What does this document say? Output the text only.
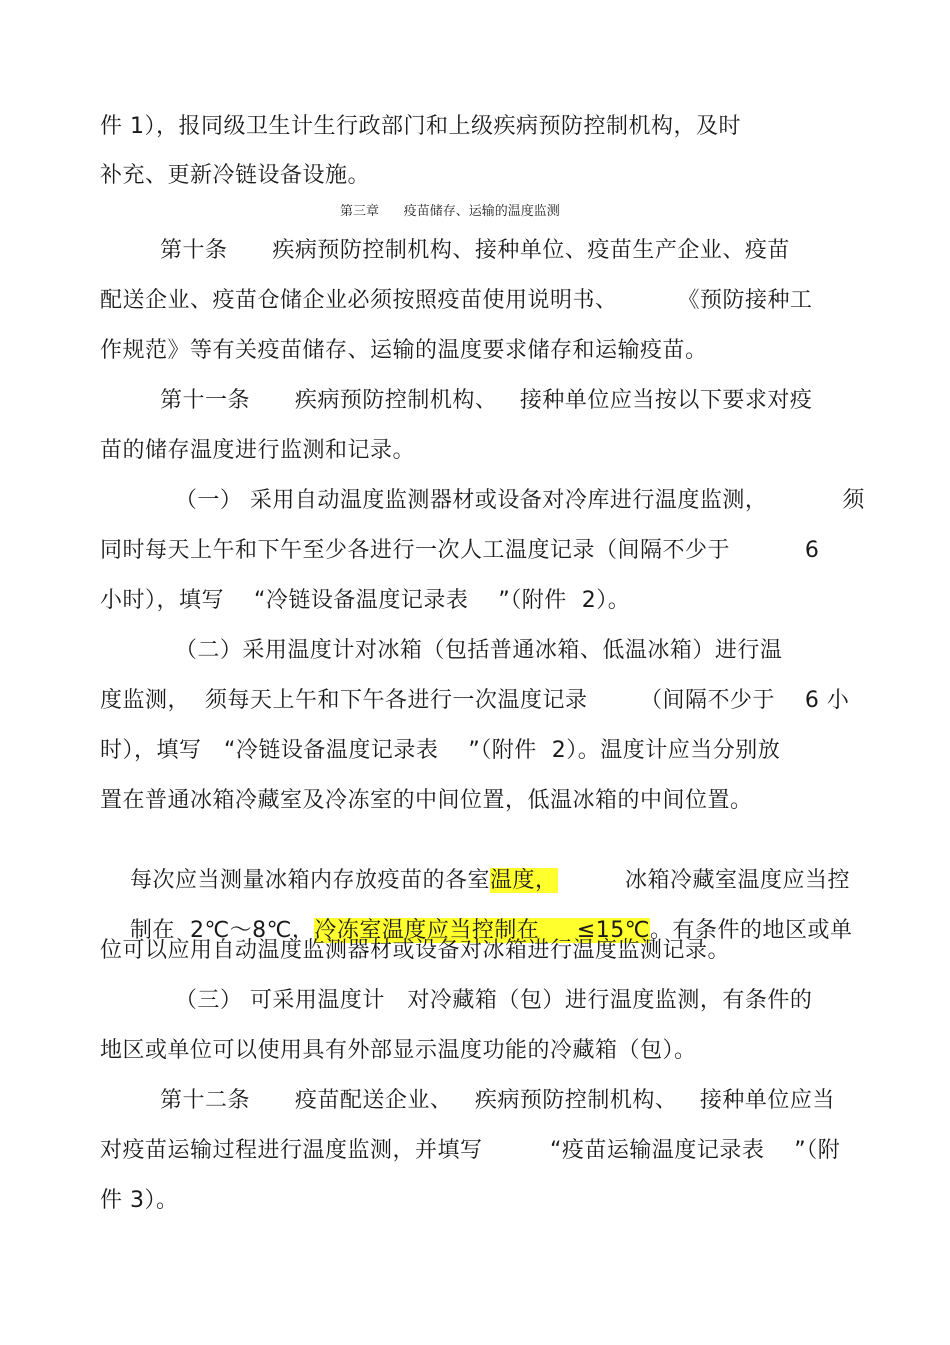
件 1），报同级卫生计生行政部门和上级疾病预防控制机构，及时
补充、更新冷链设备设施。
第三章      疫苗储存、运输的温度监测
第十条      疾病预防控制机构、接种单位、疫苗生产企业、疫苗
配送企业、疫苗仓储企业必须按照疫苗使用说明书、        《预防接种工
作规范》等有关疫苗储存、运输的温度要求储存和运输疫苗。
第十一条      疾病预防控制机构、   接种单位应当按以下要求对疫
苗的储存温度进行监测和记录。
（一） 采用自动温度监测器材或设备对冷库进行温度监测，          须
同时每天上午和下午至少各进行一次人工温度记录（间隔不少于          6
小时），填写    “冷链设备温度记录表    ”（附件  2）。
（二）采用温度计对冰箱（包括普通冰箱、低温冰箱）进行温
度监测，  须每天上午和下午各进行一次温度记录       （间隔不少于    6 小
时），填写   “冷链设备温度记录表    ”（附件  2）。温度计应当分别放
置在普通冰箱冷藏室及冷冻室的中间位置，低温冰箱的中间位置。

每次应当测量冰箱内存放疫苗的各室温度，         冰箱冷藏室温度应当控

制在  2℃～8℃，冷冻室温度应当控制在     ≤15℃。有条件的地区或单

位可以应用自动温度监测器材或设备对冰箱进行温度监测记录。
（三） 可采用温度计   对冷藏箱（包）进行温度监测，有条件的
地区或单位可以使用具有外部显示温度功能的冷藏箱（包）。
第十二条      疫苗配送企业、   疾病预防控制机构、   接种单位应当
对疫苗运输过程进行温度监测，并填写         “疫苗运输温度记录表    ”（附
件 3）。
